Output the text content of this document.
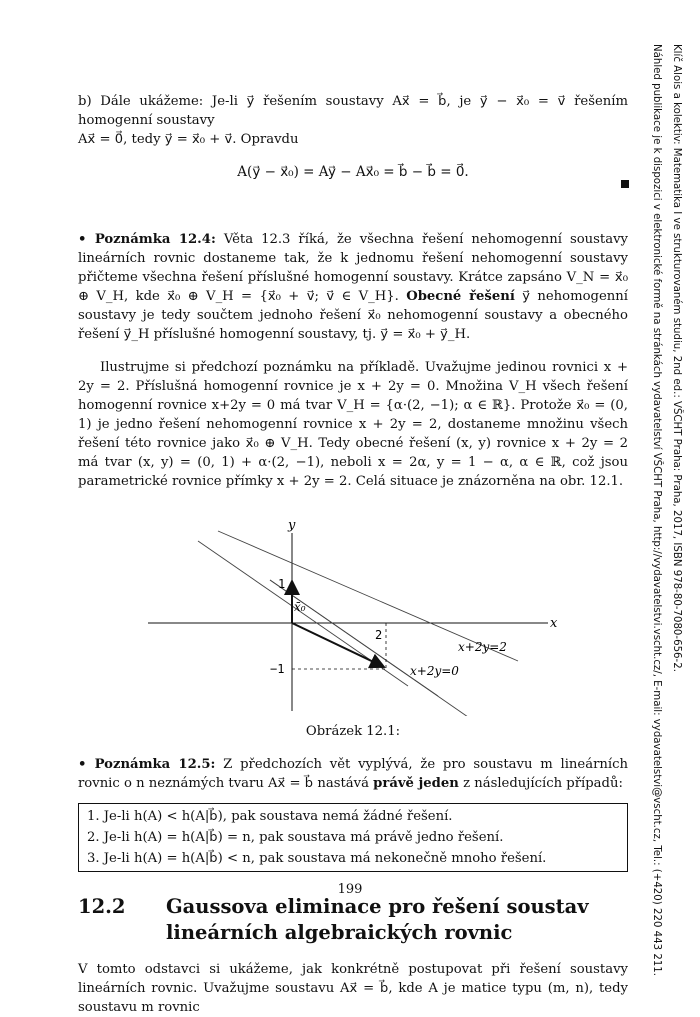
b) Dále ukážeme: Je-li y⃗ řešením soustavy Ax⃗ = b⃗, je y⃗ − x⃗₀ = v⃗ řešením homogenní soustavy

Ax⃗ = 0⃗, tedy y⃗ = x⃗₀ + v⃗. Opravdu

A(y⃗ − x⃗₀) = Ay⃗ − Ax⃗₀ = b⃗ − b⃗ = 0⃗.

• Poznámka 12.4: Věta 12.3 říká, že všechna řešení nehomogenní soustavy lineárních rovnic dostaneme tak, že k jednomu řešení nehomogenní soustavy přičteme všechna řešení příslušné homogenní soustavy. Krátce zapsáno V_N = x⃗₀ ⊕ V_H, kde x⃗₀ ⊕ V_H = {x⃗₀ + v⃗; v⃗ ∈ V_H}. Obecné řešení y⃗ nehomogenní soustavy je tedy součtem jednoho řešení x⃗₀ nehomogenní soustavy a obecného řešení y⃗_H příslušné homogenní soustavy, tj. y⃗ = x⃗₀ + y⃗_H.

Ilustrujme si předchozí poznámku na příkladě. Uvažujme jedinou rovnici x + 2y = 2. Příslušná homogenní rovnice je x + 2y = 0. Množina V_H všech řešení homogenní rovnice x+2y = 0 má tvar V_H = {α·(2, −1); α ∈ ℝ}. Protože x⃗₀ = (0, 1) je jedno řešení nehomogenní rovnice x + 2y = 2, dostaneme množinu všech řešení této rovnice jako x⃗₀ ⊕ V_H. Tedy obecné řešení (x, y) rovnice x + 2y = 2 má tvar (x, y) = (0, 1) + α·(2, −1), neboli x = 2α, y = 1 − α, α ∈ ℝ, což jsou parametrické rovnice přímky x + 2y = 2. Celá situace je znázorněna na obr. 12.1.

x
y
1
2
−1
x̄₀
x+2y=2
x+2y=0
Obrázek 12.1:

• Poznámka 12.5: Z předchozích vět vyplývá, že pro soustavu m lineárních rovnic o n neznámých tvaru Ax⃗ = b⃗ nastává právě jeden z následujících případů:

1. Je-li h(A) < h(A|b⃗), pak soustava nemá žádné řešení.
2. Je-li h(A) = h(A|b⃗) = n, pak soustava má právě jedno řešení.
3. Je-li h(A) = h(A|b⃗) < n, pak soustava má nekonečně mnoho řešení.
12.2	Gaussova eliminace pro řešení soustav lineárních algebraických rovnic

V tomto odstavci si ukážeme, jak konkrétně postupovat při řešení soustavy lineárních rovnic. Uvažujme soustavu Ax⃗ = b⃗, kde A je matice typu (m, n), tedy soustavu m rovnic

199	Náhled publikace je k dispozici v elektronické formě na stránkách vydavatelství VŠCHT Praha, http://vydavatelstvi.vscht.cz/, E-mail: vydavatelstvi@vscht.cz, Tel.: (+420) 220 443 211. Klíč Alois a kolektiv: Matematika I ve strukturovaném studiu, 2nd ed.: VŠCHT Praha: Praha, 2017, ISBN 978-80-7080-656-2.
